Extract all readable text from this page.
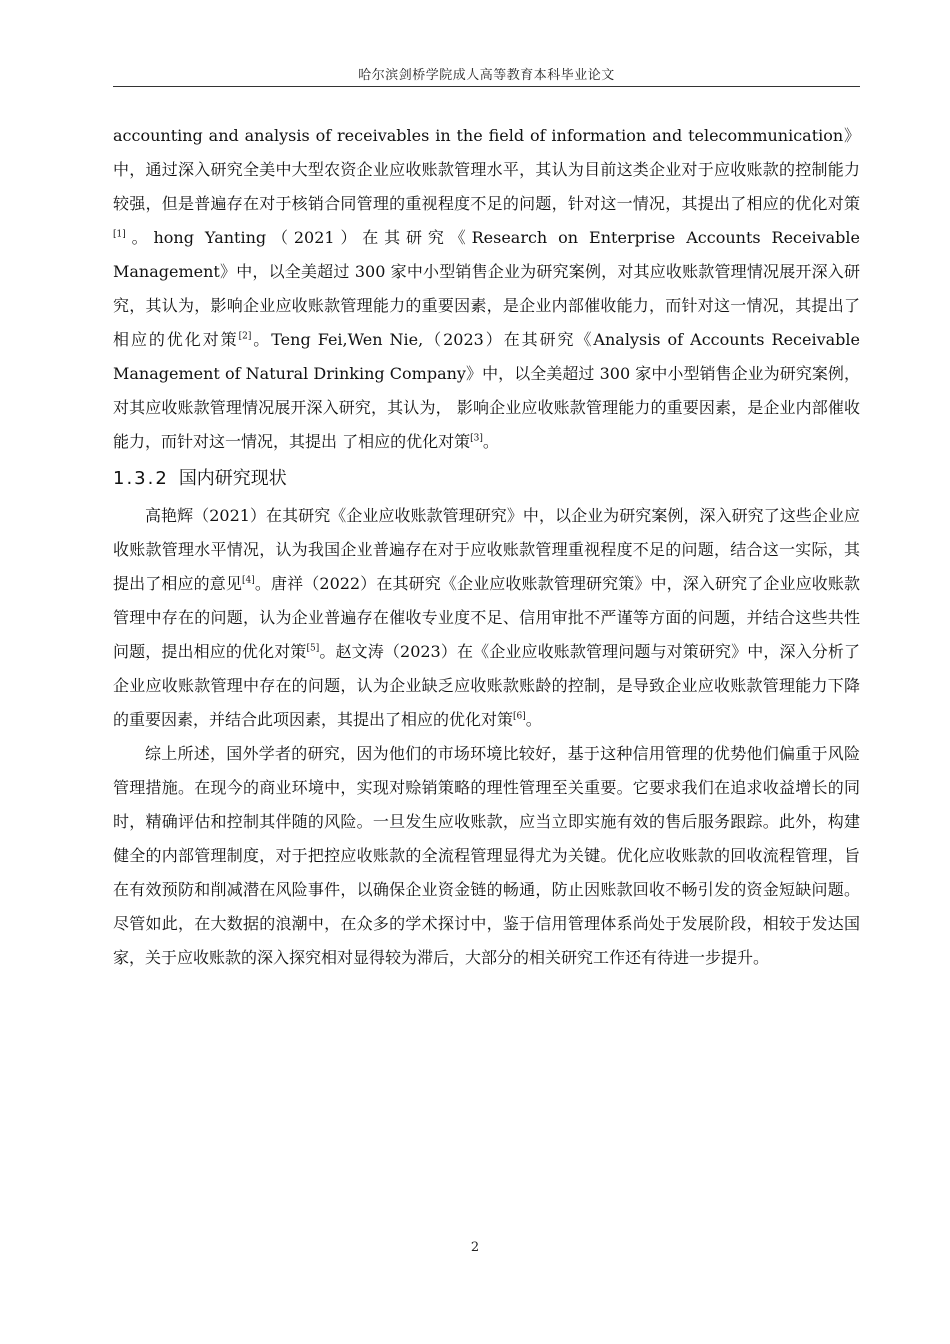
哈尔滨剑桥学院成人高等教育本科毕业论文

accounting and analysis of receivables in the field of information and telecommunication》中，通过深入研究全美中大型农资企业应收账款管理水平，其认为目前这类企业对于应收账款的控制能力较强，但是普遍存在对于核销合同管理的重视程度不足的问题，针对这一情况，其提出了相应的优化对策[1]。hong Yanting（2021）在其研究《Research on Enterprise Accounts Receivable Management》中，以全美超过 300 家中小型销售企业为研究案例，对其应收账款管理情况展开深入研究，其认为，影响企业应收账款管理能力的重要因素，是企业内部催收能力，而针对这一情况，其提出了相应的优化对策[2]。Teng Fei,Wen Nie,（2023）在其研究《Analysis of Accounts Receivable Management of Natural Drinking Company》中，以全美超过 300 家中小型销售企业为研究案例，对其应收账款管理情况展开深入研究，其认为， 影响企业应收账款管理能力的重要因素，是企业内部催收能力，而针对这一情况，其提出 了相应的优化对策[3]。

1.3.2 国内研究现状

高艳辉（2021）在其研究《企业应收账款管理研究》中，以企业为研究案例，深入研究了这些企业应收账款管理水平情况，认为我国企业普遍存在对于应收账款管理重视程度不足的问题，结合这一实际，其提出了相应的意见[4]。唐祥（2022）在其研究《企业应收账款管理研究策》中，深入研究了企业应收账款管理中存在的问题，认为企业普遍存在催收专业度不足、信用审批不严谨等方面的问题，并结合这些共性问题，提出相应的优化对策[5]。赵文涛（2023）在《企业应收账款管理问题与对策研究》中，深入分析了企业应收账款管理中存在的问题，认为企业缺乏应收账款账龄的控制，是导致企业应收账款管理能力下降的重要因素，并结合此项因素，其提出了相应的优化对策[6]。

综上所述，国外学者的研究，因为他们的市场环境比较好，基于这种信用管理的优势他们偏重于风险管理措施。在现今的商业环境中，实现对赊销策略的理性管理至关重要。它要求我们在追求收益增长的同时，精确评估和控制其伴随的风险。一旦发生应收账款，应当立即实施有效的售后服务跟踪。此外，构建健全的内部管理制度，对于把控应收账款的全流程管理显得尤为关键。优化应收账款的回收流程管理，旨在有效预防和削减潜在风险事件，以确保企业资金链的畅通，防止因账款回收不畅引发的资金短缺问题。尽管如此，在大数据的浪潮中，在众多的学术探讨中，鉴于信用管理体系尚处于发展阶段，相较于发达国家，关于应收账款的深入探究相对显得较为滞后，大部分的相关研究工作还有待进一步提升。

2
